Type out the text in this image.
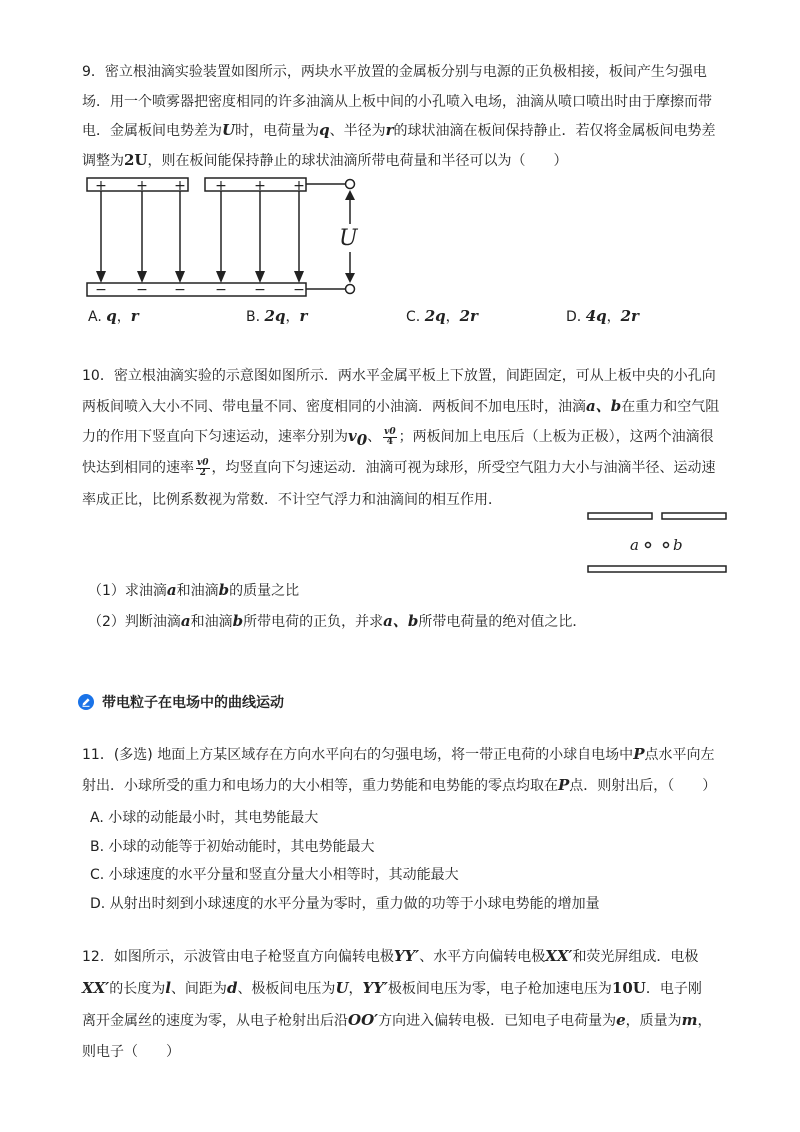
9．密立根油滴实验装置如图所示，两块水平放置的金属板分别与电源的正负极相接，板间产生匀强电
场．用一个喷雾器把密度相同的许多油滴从上板中间的小孔喷入电场，油滴从喷口喷出时由于摩擦而带
电．金属板间电势差为U时，电荷量为q、半径为r的球状油滴在板间保持静止．若仅将金属板间电势差
调整为2U，则在板间能保持静止的球状油滴所带电荷量和半径可以为（　　）
U
+ + + + + +
− − − − − −
A. q，r	B. 2q，r	C. 2q，2r	D. 4q，2r
10．密立根油滴实验的示意图如图所示．两水平金属平板上下放置，间距固定，可从上板中央的小孔向
两板间喷入大小不同、带电量不同、密度相同的小油滴．两板间不加电压时，油滴a、b在重力和空气阻
力的作用下竖直向下匀速运动，速率分别为$v_0$、 $\frac{v0}{4}$ ；两板间加上电压后（上板为正极），这两个油滴很
快达到相同的速率 $\frac{v0}{2}$ ，均竖直向下匀速运动．油滴可视为球形，所受空气阻力大小与油滴半径、运动速
率成正比，比例系数视为常数．不计空气浮力和油滴间的相互作用．
a b
（1）求油滴a和油滴b的质量之比
（2）判断油滴a和油滴b所带电荷的正负，并求a、b所带电荷量的绝对值之比．
带电粒子在电场中的曲线运动
11．(多选) 地面上方某区域存在方向水平向右的匀强电场，将一带正电荷的小球自电场中P点水平向左
射出．小球所受的重力和电场力的大小相等，重力势能和电势能的零点均取在P点．则射出后，（　　）
A. 小球的动能最小时，其电势能最大
B. 小球的动能等于初始动能时，其电势能最大
C. 小球速度的水平分量和竖直分量大小相等时，其动能最大
D. 从射出时刻到小球速度的水平分量为零时，重力做的功等于小球电势能的增加量
12．如图所示，示波管由电子枪竖直方向偏转电极YY′、水平方向偏转电极XX′和荧光屏组成．电极
XX′的长度为l、间距为d、极板间电压为U，YY′极板间电压为零，电子枪加速电压为10U．电子刚
离开金属丝的速度为零，从电子枪射出后沿OO′方向进入偏转电极．已知电子电荷量为e，质量为m，
则电子（　　）
